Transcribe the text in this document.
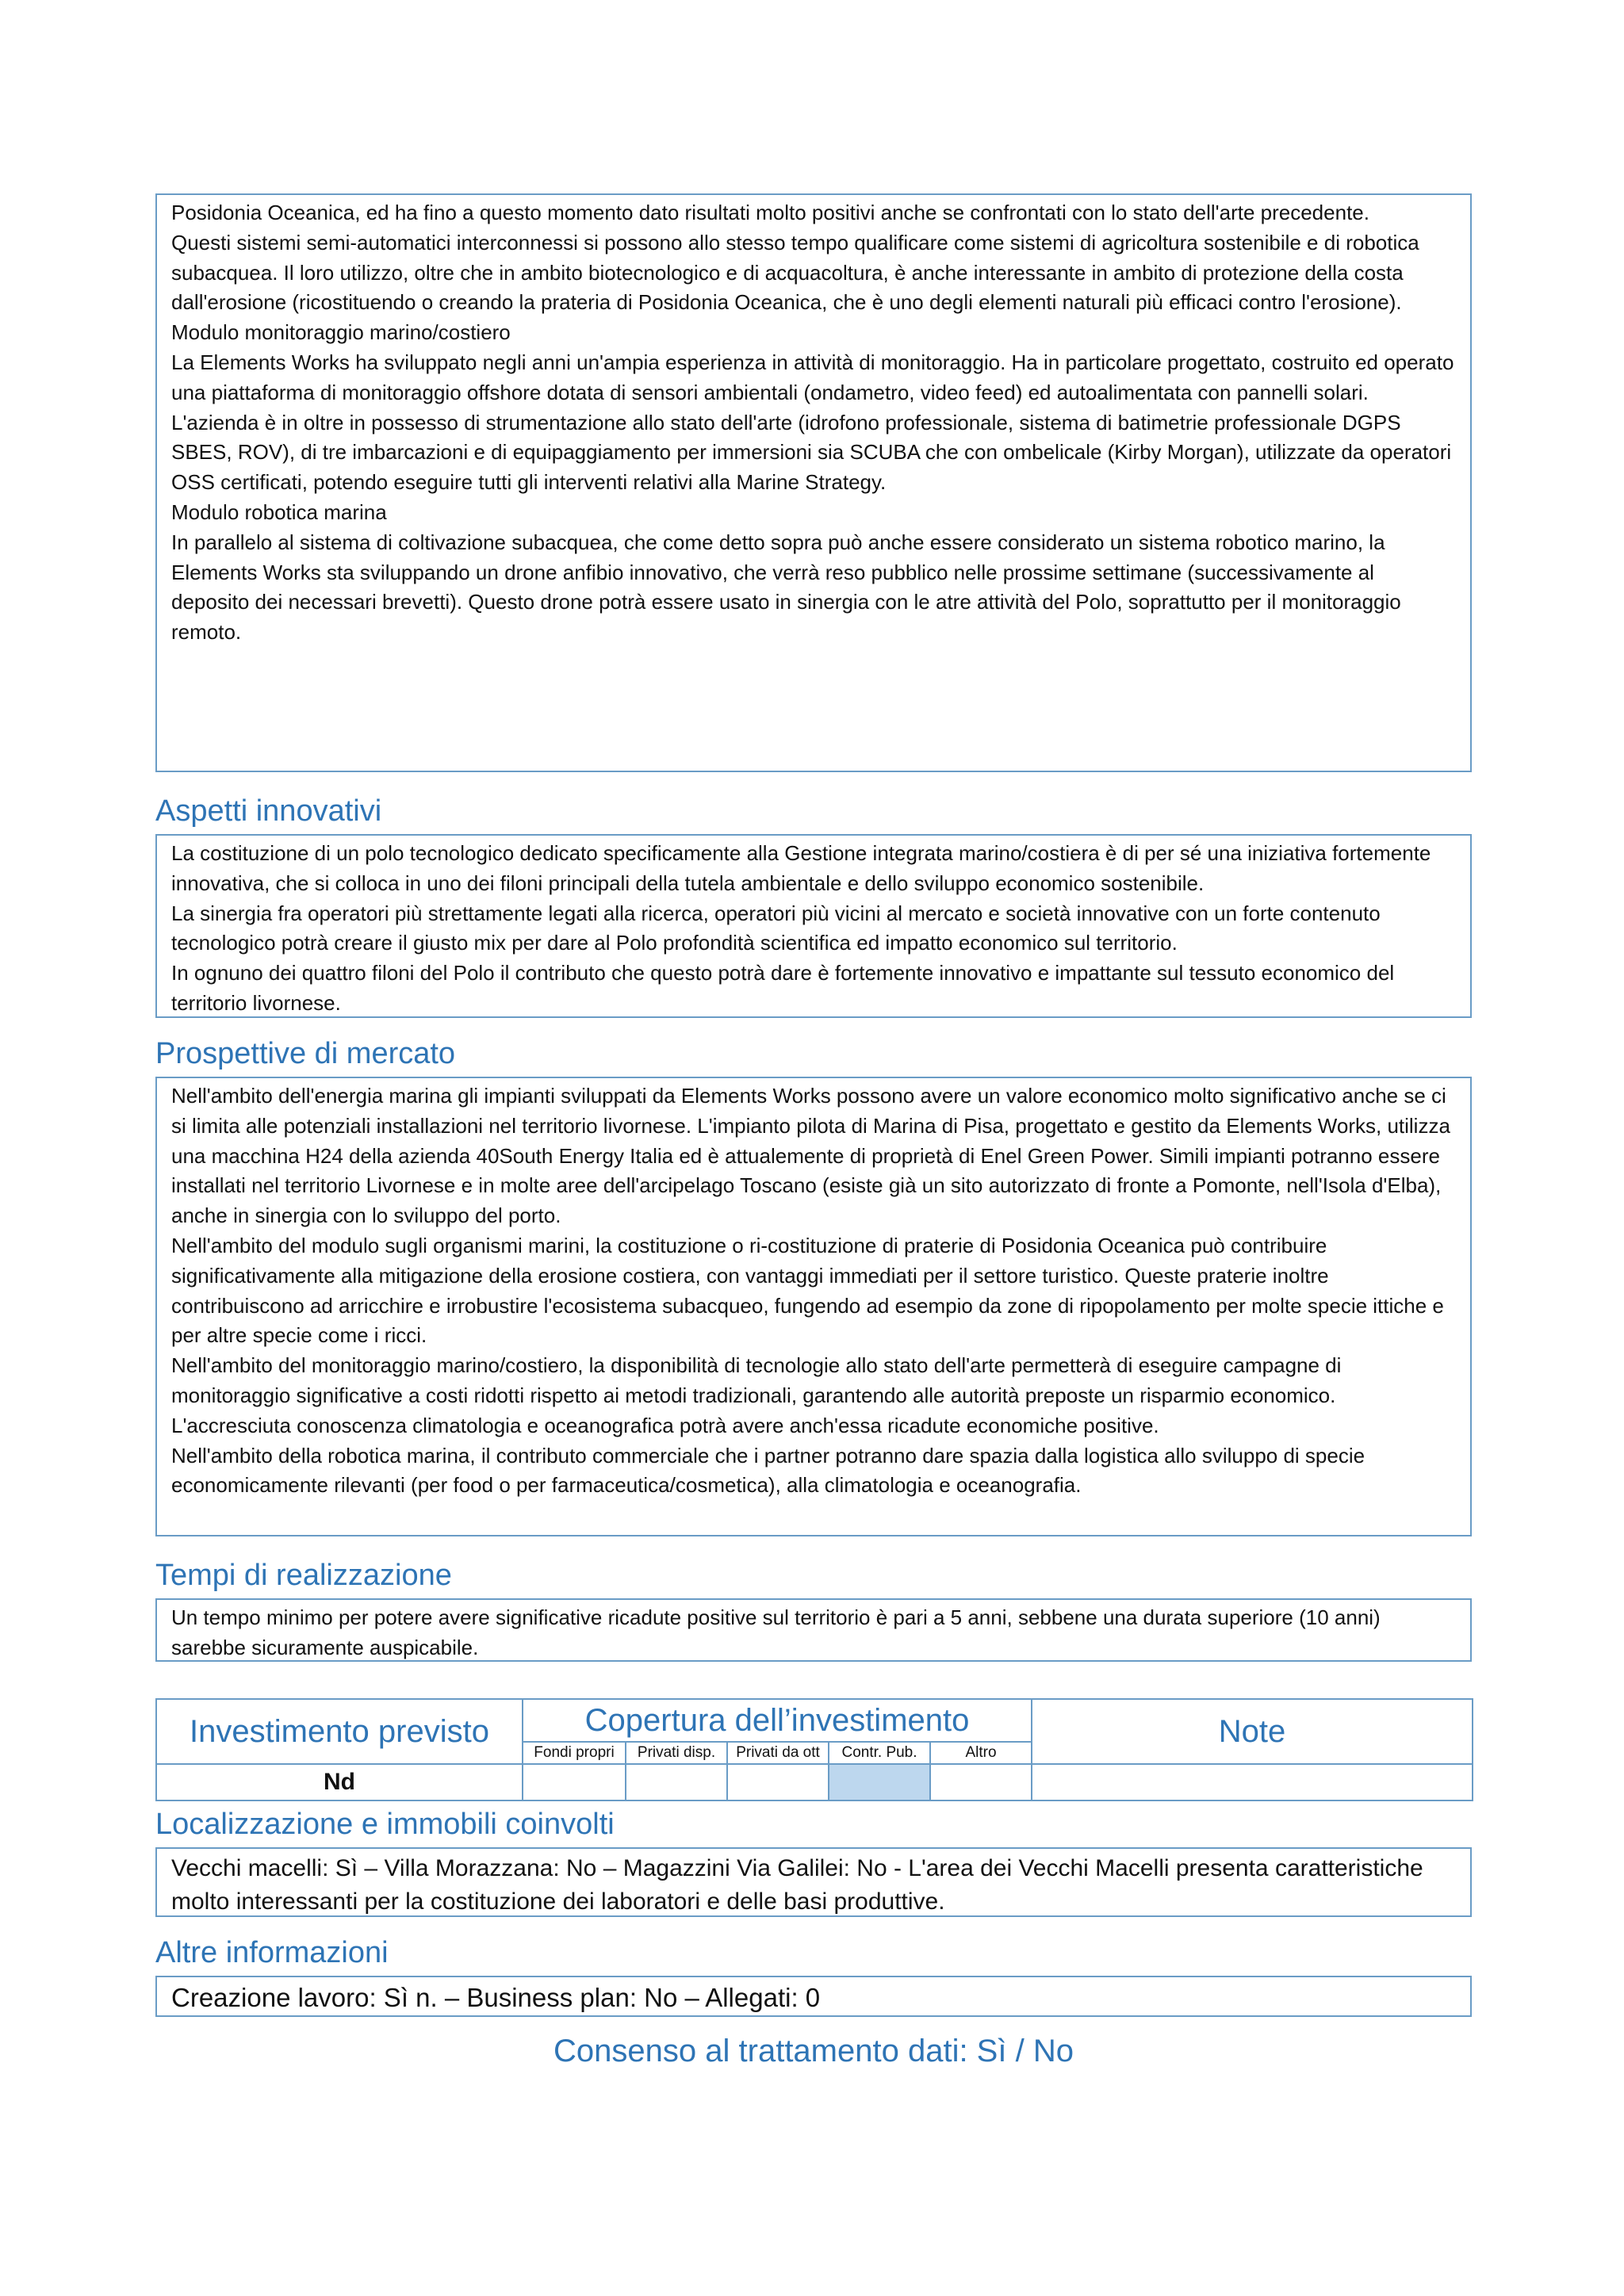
Posidonia Oceanica, ed ha fino a questo momento dato risultati molto positivi anche se confrontati con lo stato dell'arte precedente.

Questi sistemi semi-automatici interconnessi si possono allo stesso tempo qualificare come sistemi di agricoltura sostenibile e di robotica subacquea. Il loro utilizzo, oltre che in ambito biotecnologico e di acquacoltura, è anche interessante in ambito di protezione della costa dall'erosione (ricostituendo o creando la prateria di Posidonia Oceanica, che è uno degli elementi naturali più efficaci contro l'erosione).

Modulo monitoraggio marino/costiero

La Elements Works ha sviluppato negli anni un'ampia esperienza in attività di monitoraggio. Ha in particolare progettato, costruito ed operato una piattaforma di monitoraggio offshore dotata di sensori ambientali (ondametro, video feed) ed autoalimentata con pannelli solari.

L'azienda è in oltre in possesso di strumentazione allo stato dell'arte (idrofono professionale, sistema di batimetrie professionale DGPS SBES, ROV), di tre imbarcazioni e di equipaggiamento per immersioni sia SCUBA che con ombelicale (Kirby Morgan), utilizzate da operatori OSS certificati, potendo eseguire tutti gli interventi relativi alla Marine Strategy.

Modulo robotica marina

In parallelo al sistema di coltivazione subacquea, che come detto sopra può anche essere considerato un sistema robotico marino, la Elements Works sta sviluppando un drone anfibio innovativo, che verrà reso pubblico nelle prossime settimane (successivamente al deposito dei necessari brevetti). Questo drone potrà essere usato in sinergia con le atre attività del Polo, soprattutto per il monitoraggio remoto.

Aspetti innovativi

La costituzione di un polo tecnologico dedicato specificamente alla Gestione integrata marino/costiera è di per sé una iniziativa fortemente innovativa, che si colloca in uno dei filoni principali della tutela ambientale e dello sviluppo economico sostenibile.

La sinergia fra operatori più strettamente legati alla ricerca, operatori più vicini al mercato e società innovative con un forte contenuto tecnologico potrà creare il giusto mix per dare al Polo profondità scientifica ed impatto economico sul territorio.

In ognuno dei quattro filoni del Polo il contributo che questo potrà dare è fortemente innovativo e impattante sul tessuto economico del territorio livornese.

Prospettive di mercato

Nell'ambito dell'energia marina gli impianti sviluppati da Elements Works possono avere un valore economico molto significativo anche se ci si limita alle potenziali installazioni nel territorio livornese. L'impianto pilota di Marina di Pisa, progettato e gestito da Elements Works, utilizza una macchina H24 della azienda 40South Energy Italia ed è attualemente di proprietà di Enel Green Power. Simili impianti potranno essere installati nel territorio Livornese e in molte aree dell'arcipelago Toscano (esiste già un sito autorizzato di fronte a Pomonte, nell'Isola d'Elba), anche in sinergia con lo sviluppo del porto.

Nell'ambito del modulo sugli organismi marini, la costituzione o ri-costituzione di praterie di Posidonia Oceanica può contribuire significativamente alla mitigazione della erosione costiera, con vantaggi immediati per il settore turistico. Queste praterie inoltre contribuiscono ad arricchire e irrobustire l'ecosistema subacqueo, fungendo ad esempio da zone di ripopolamento per molte specie ittiche e per altre specie come i ricci.

Nell'ambito del monitoraggio marino/costiero, la disponibilità di tecnologie allo stato dell'arte permetterà di eseguire campagne di monitoraggio significative a costi ridotti rispetto ai metodi tradizionali, garantendo alle autorità preposte un risparmio economico. L'accresciuta conoscenza climatologia e oceanografica potrà avere anch'essa ricadute economiche positive.

Nell'ambito della robotica marina, il contributo commerciale che i partner potranno dare spazia dalla logistica allo sviluppo di specie economicamente rilevanti (per food o per farmaceutica/cosmetica), alla climatologia e oceanografia.

Tempi di realizzazione

Un tempo minimo per potere avere significative ricadute positive sul territorio è pari a 5 anni, sebbene una durata superiore (10 anni) sarebbe sicuramente auspicabile.

Investimento previsto	Copertura dell’investimento					Note
	Fondi propri	Privati disp.	Privati da ott	Contr. Pub.	Altro	
Nd						
Localizzazione e immobili coinvolti

Vecchi macelli: Sì – Villa Morazzana: No – Magazzini Via Galilei: No - L'area dei Vecchi Macelli presenta caratteristiche molto interessanti per la costituzione dei laboratori e delle basi produttive.

Altre informazioni

Creazione lavoro: Sì n. – Business plan: No – Allegati: 0

Consenso al trattamento dati: Sì / No
